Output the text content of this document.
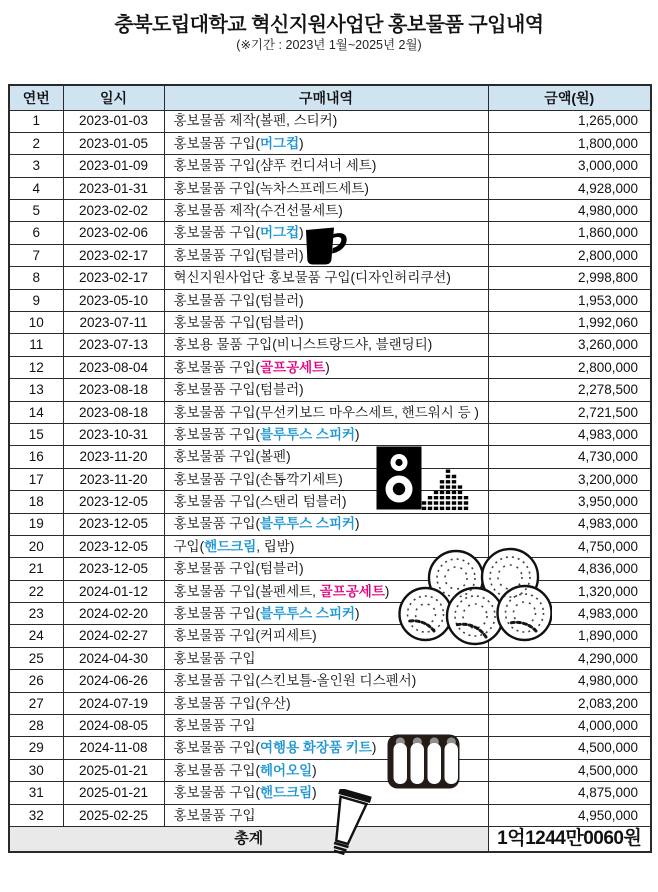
충북도립대학교 혁신지원사업단 홍보물품 구입내역
(※기간 : 2023년 1월~2025년 2월)
연번	일시	구매내역	금액(원)
1	2023-01-03	홍보물품 제작(볼펜, 스티커)	1,265,000
2	2023-01-05	홍보물품 구입(머그컵)	1,800,000
3	2023-01-09	홍보물품 구입(샴푸 컨디셔너 세트)	3,000,000
4	2023-01-31	홍보물품 구입(녹차스프레드세트)	4,928,000
5	2023-02-02	홍보물품 제작(수건선물세트)	4,980,000
6	2023-02-06	홍보물품 구입(머그컵)	1,860,000
7	2023-02-17	홍보물품 구입(텀블러)	2,800,000
8	2023-02-17	혁신지원사업단 홍보물품 구입(디자인허리쿠션)	2,998,800
9	2023-05-10	홍보물품 구입(텀블러)	1,953,000
10	2023-07-11	홍보물품 구입(텀블러)	1,992,060
11	2023-07-13	홍보용 물품 구입(비니스트랑드샤, 블랜딩티)	3,260,000
12	2023-08-04	홍보물품 구입(골프공세트)	2,800,000
13	2023-08-18	홍보물품 구입(텀블러)	2,278,500
14	2023-08-18	홍보물품 구입(무선키보드 마우스세트, 핸드워시 등 )	2,721,500
15	2023-10-31	홍보물품 구입(블루투스 스피커)	4,983,000
16	2023-11-20	홍보물품 구입(볼펜)	4,730,000
17	2023-11-20	홍보물품 구입(손톱깍기세트)	3,200,000
18	2023-12-05	홍보물품 구입(스탠리 텀블러)	3,950,000
19	2023-12-05	홍보물품 구입(블루투스 스피커)	4,983,000
20	2023-12-05	구입(핸드크림, 립밤)	4,750,000
21	2023-12-05	홍보물품 구입(텀블러)	4,836,000
22	2024-01-12	홍보물품 구입(볼펜세트, 골프공세트)	1,320,000
23	2024-02-20	홍보물품 구입(블루투스 스피커)	4,983,000
24	2024-02-27	홍보물품 구입(커피세트)	1,890,000
25	2024-04-30	홍보물품 구입	4,290,000
26	2024-06-26	홍보물품 구입(스킨보틀-올인원 디스펜서)	4,980,000
27	2024-07-19	홍보물품 구입(우산)	2,083,200
28	2024-08-05	홍보물품 구입	4,000,000
29	2024-11-08	홍보물품 구입(여행용 화장품 키트)	4,500,000
30	2025-01-21	홍보물품 구입(헤어오일)	4,500,000
31	2025-01-21	홍보물품 구입(핸드크림)	4,875,000
32	2025-02-25	홍보물품 구입	4,950,000
총계			1억1244만0060원
